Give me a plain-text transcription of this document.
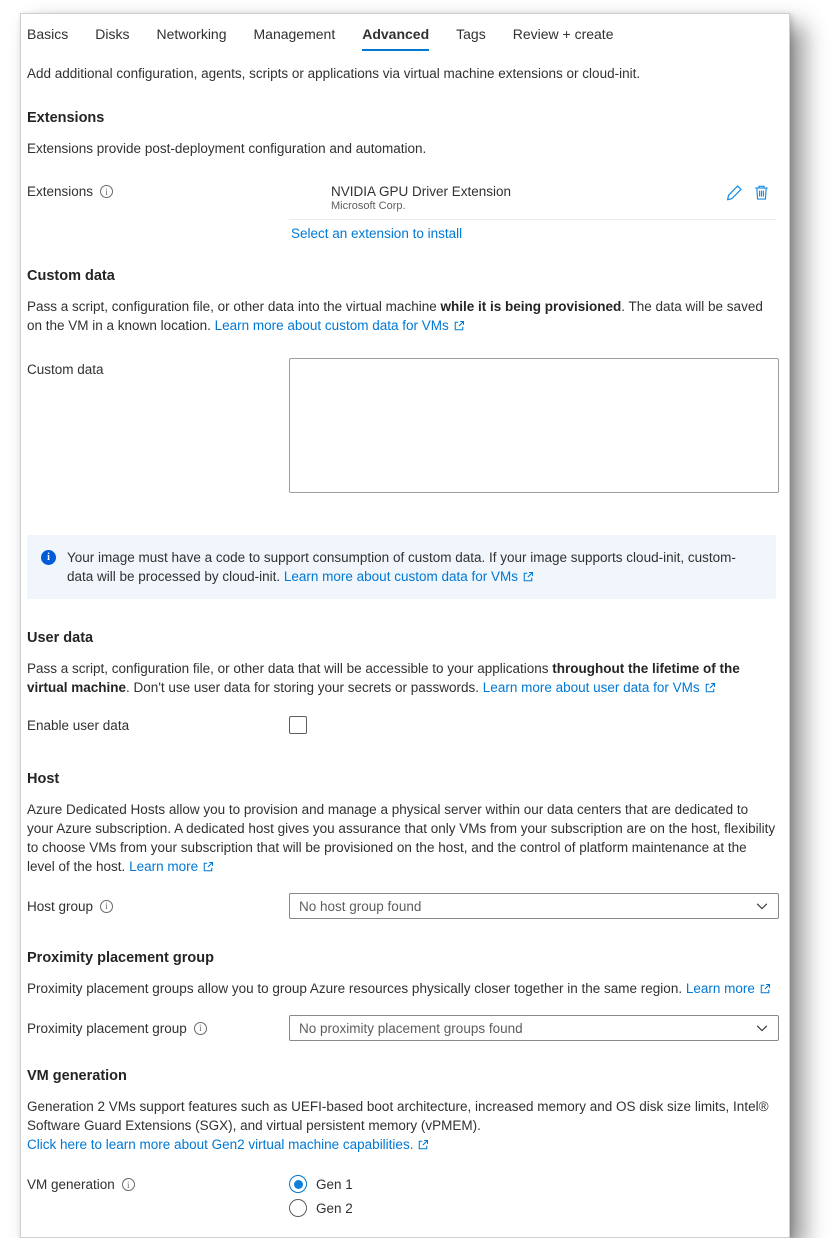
Basics Disks Networking Management Advanced Tags Review + create

Add additional configuration, agents, scripts or applications via virtual machine extensions or cloud-init.

Extensions

Extensions provide post-deployment configuration and automation.

Extensions i	NVIDIA GPU Driver Extension
Microsoft Corp.
Select an extension to install
Custom data

Pass a script, configuration file, or other data into the virtual machine while it is being provisioned. The data will be saved on the VM in a known location. Learn more about custom data for VMs

Custom data
i
Your image must have a code to support consumption of custom data. If your image supports cloud-init, custom-data will be processed by cloud-init. Learn more about custom data for VMs
User data

Pass a script, configuration file, or other data that will be accessible to your applications throughout the lifetime of the virtual machine. Don't use user data for storing your secrets or passwords. Learn more about user data for VMs

Enable user data
Host

Azure Dedicated Hosts allow you to provision and manage a physical server within our data centers that are dedicated to your Azure subscription. A dedicated host gives you assurance that only VMs from your subscription are on the host, flexibility to choose VMs from your subscription that will be provisioned on the host, and the control of platform maintenance at the level of the host. Learn more

Host group i	No host group found
Proximity placement group

Proximity placement groups allow you to group Azure resources physically closer together in the same region. Learn more

Proximity placement group i	No proximity placement groups found
VM generation

Generation 2 VMs support features such as UEFI-based boot architecture, increased memory and OS disk size limits, Intel® Software Guard Extensions (SGX), and virtual persistent memory (vPMEM).

Click here to learn more about Gen2 virtual machine capabilities.

VM generation i	Gen 1
Gen 2
